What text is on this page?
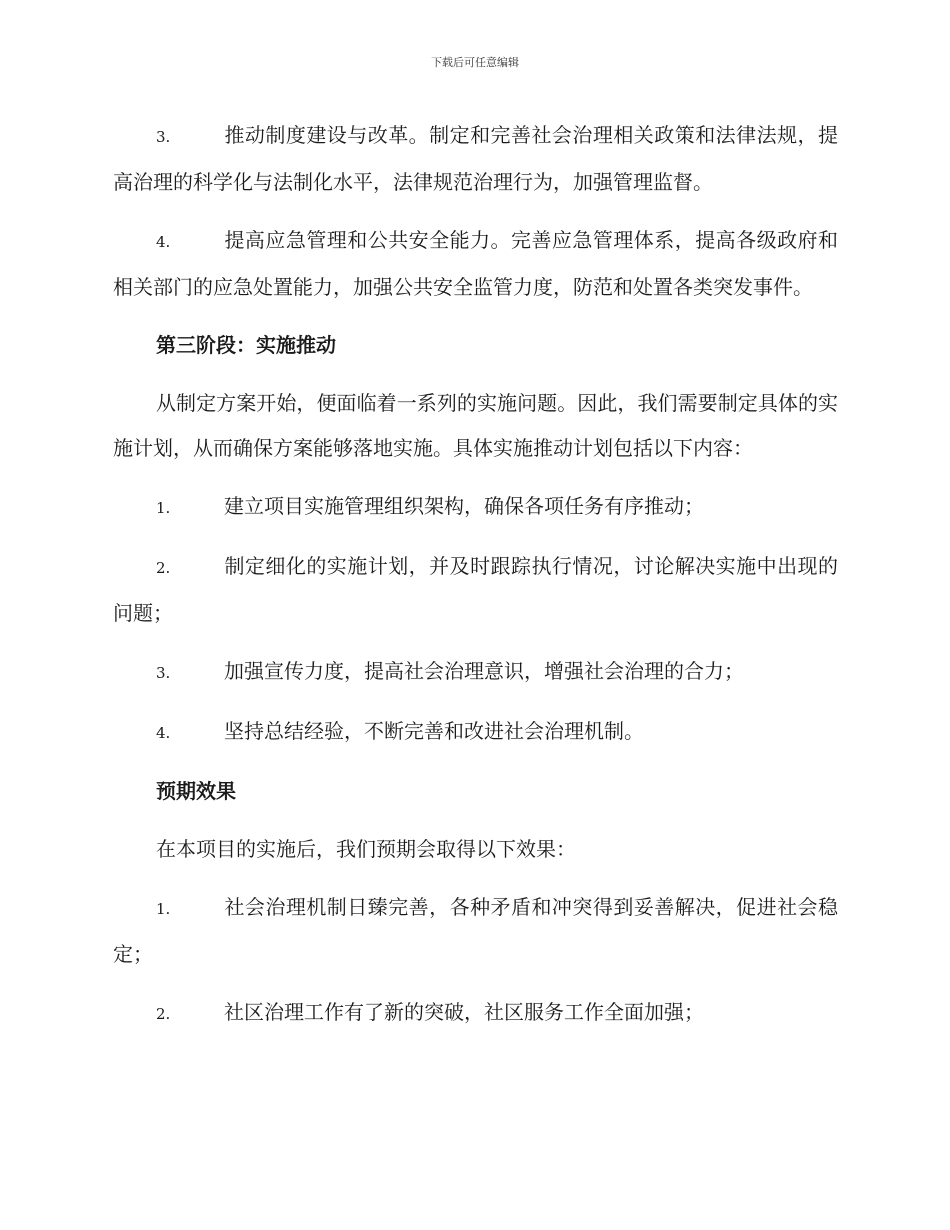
下载后可任意编辑

3.	推动制度建设与改革。制定和完善社会治理相关政策和法律法规，提高治理的科学化与法制化水平，法律规范治理行为，加强管理监督。

4.	提高应急管理和公共安全能力。完善应急管理体系，提高各级政府和相关部门的应急处置能力，加强公共安全监管力度，防范和处置各类突发事件。

第三阶段：实施推动

从制定方案开始，便面临着一系列的实施问题。因此，我们需要制定具体的实施计划，从而确保方案能够落地实施。具体实施推动计划包括以下内容：

1.	建立项目实施管理组织架构，确保各项任务有序推动；

2.	制定细化的实施计划，并及时跟踪执行情况，讨论解决实施中出现的问题；

3.	加强宣传力度，提高社会治理意识，增强社会治理的合力；

4.	坚持总结经验，不断完善和改进社会治理机制。

预期效果

在本项目的实施后，我们预期会取得以下效果：

1.	社会治理机制日臻完善，各种矛盾和冲突得到妥善解决，促进社会稳定；

2.	社区治理工作有了新的突破，社区服务工作全面加强；
